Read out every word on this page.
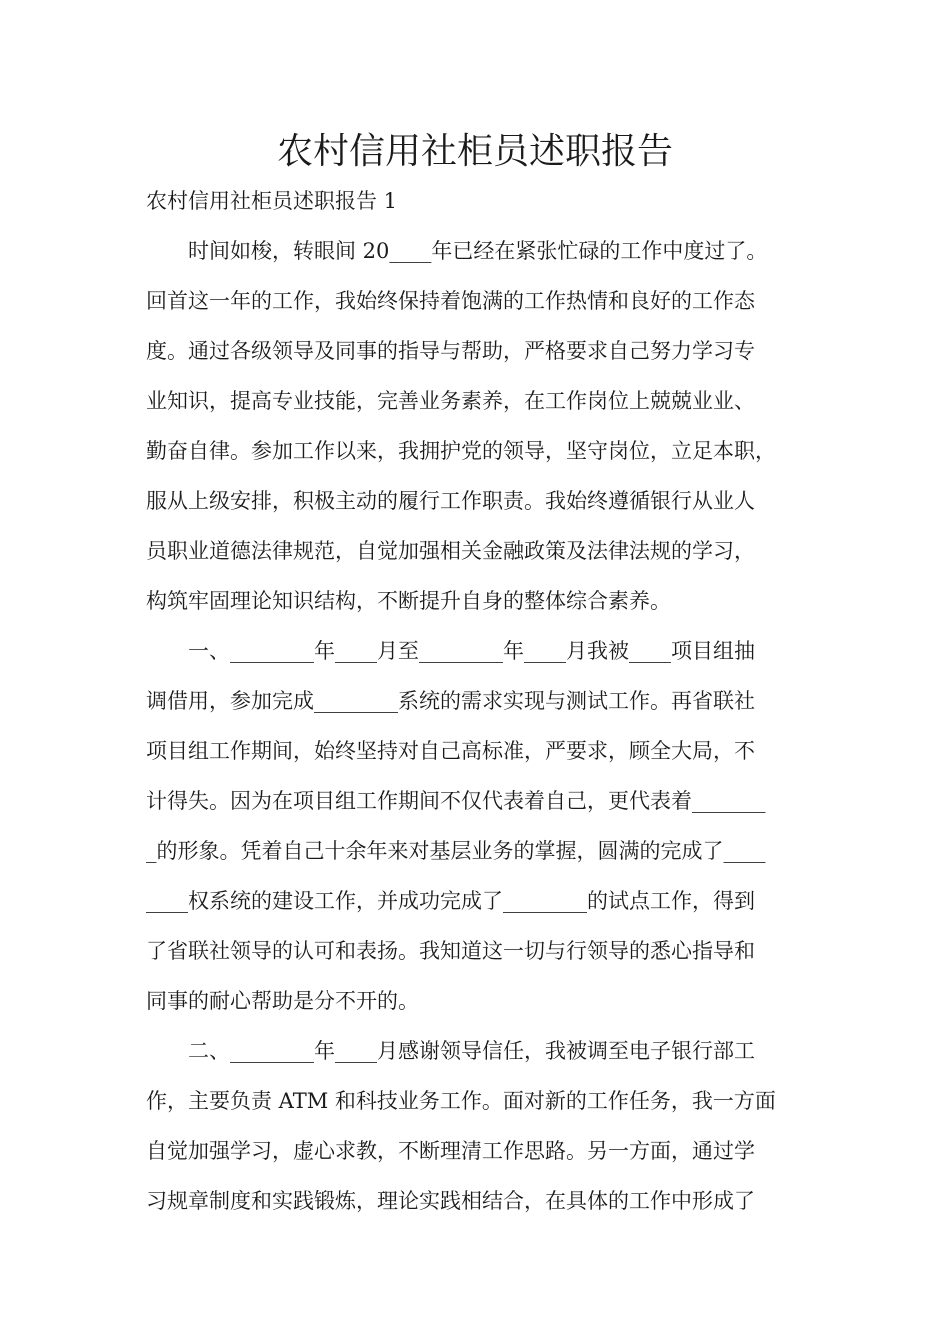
农村信用社柜员述职报告

农村信用社柜员述职报告 1

　　时间如梭，转眼间 20____年已经在紧张忙碌的工作中度过了。

回首这一年的工作，我始终保持着饱满的工作热情和良好的工作态

度。通过各级领导及同事的指导与帮助，严格要求自己努力学习专

业知识，提高专业技能，完善业务素养，在工作岗位上兢兢业业、

勤奋自律。参加工作以来，我拥护党的领导，坚守岗位，立足本职，

服从上级安排，积极主动的履行工作职责。我始终遵循银行从业人

员职业道德法律规范，自觉加强相关金融政策及法律法规的学习，

构筑牢固理论知识结构，不断提升自身的整体综合素养。

　　一、________年____月至________年____月我被____项目组抽

调借用，参加完成________系统的需求实现与测试工作。再省联社

项目组工作期间，始终坚持对自己高标准，严要求，顾全大局，不

计得失。因为在项目组工作期间不仅代表着自己，更代表着_______

_的形象。凭着自己十余年来对基层业务的掌握，圆满的完成了____

____权系统的建设工作，并成功完成了________的试点工作，得到

了省联社领导的认可和表扬。我知道这一切与行领导的悉心指导和

同事的耐心帮助是分不开的。

　　二、________年____月感谢领导信任，我被调至电子银行部工

作，主要负责 ATM 和科技业务工作。面对新的工作任务，我一方面

自觉加强学习，虚心求教，不断理清工作思路。另一方面，通过学

习规章制度和实践锻炼，理论实践相结合，在具体的工作中形成了
